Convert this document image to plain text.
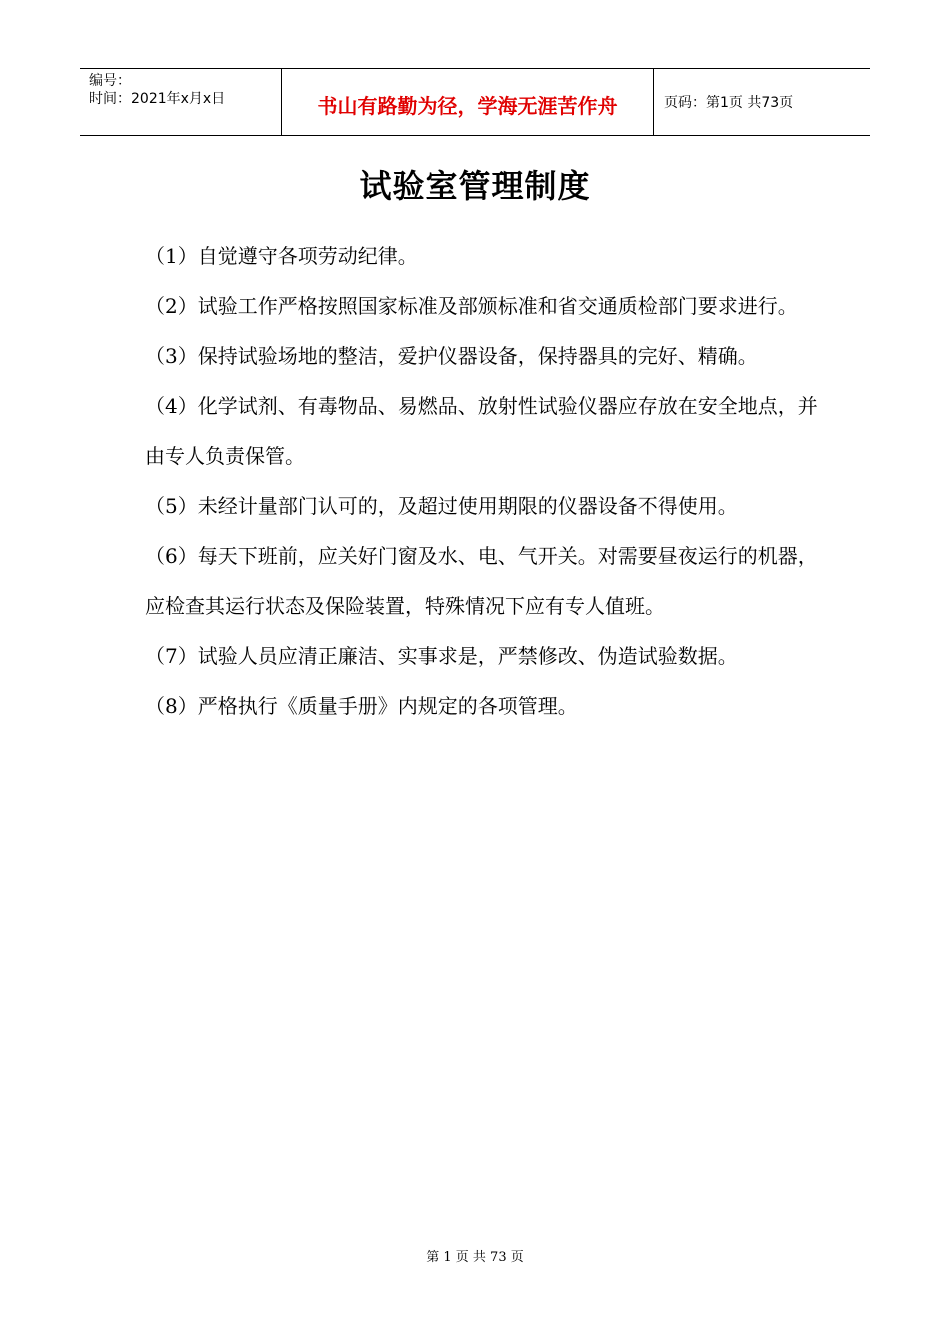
编号：
时间：2021年x月x日	书山有路勤为径，学海无涯苦作舟	页码：第1页 共73页
试验室管理制度

（1）自觉遵守各项劳动纪律。

（2）试验工作严格按照国家标准及部颁标准和省交通质检部门要求进行。

（3）保持试验场地的整洁，爱护仪器设备，保持器具的完好、精确。

（4）化学试剂、有毒物品、易燃品、放射性试验仪器应存放在安全地点，并由专人负责保管。

（5）未经计量部门认可的，及超过使用期限的仪器设备不得使用。

（6）每天下班前，应关好门窗及水、电、气开关。对需要昼夜运行的机器，应检查其运行状态及保险装置，特殊情况下应有专人值班。

（7）试验人员应清正廉洁、实事求是，严禁修改、伪造试验数据。

（8）严格执行《质量手册》内规定的各项管理。

第 1 页 共 73 页
